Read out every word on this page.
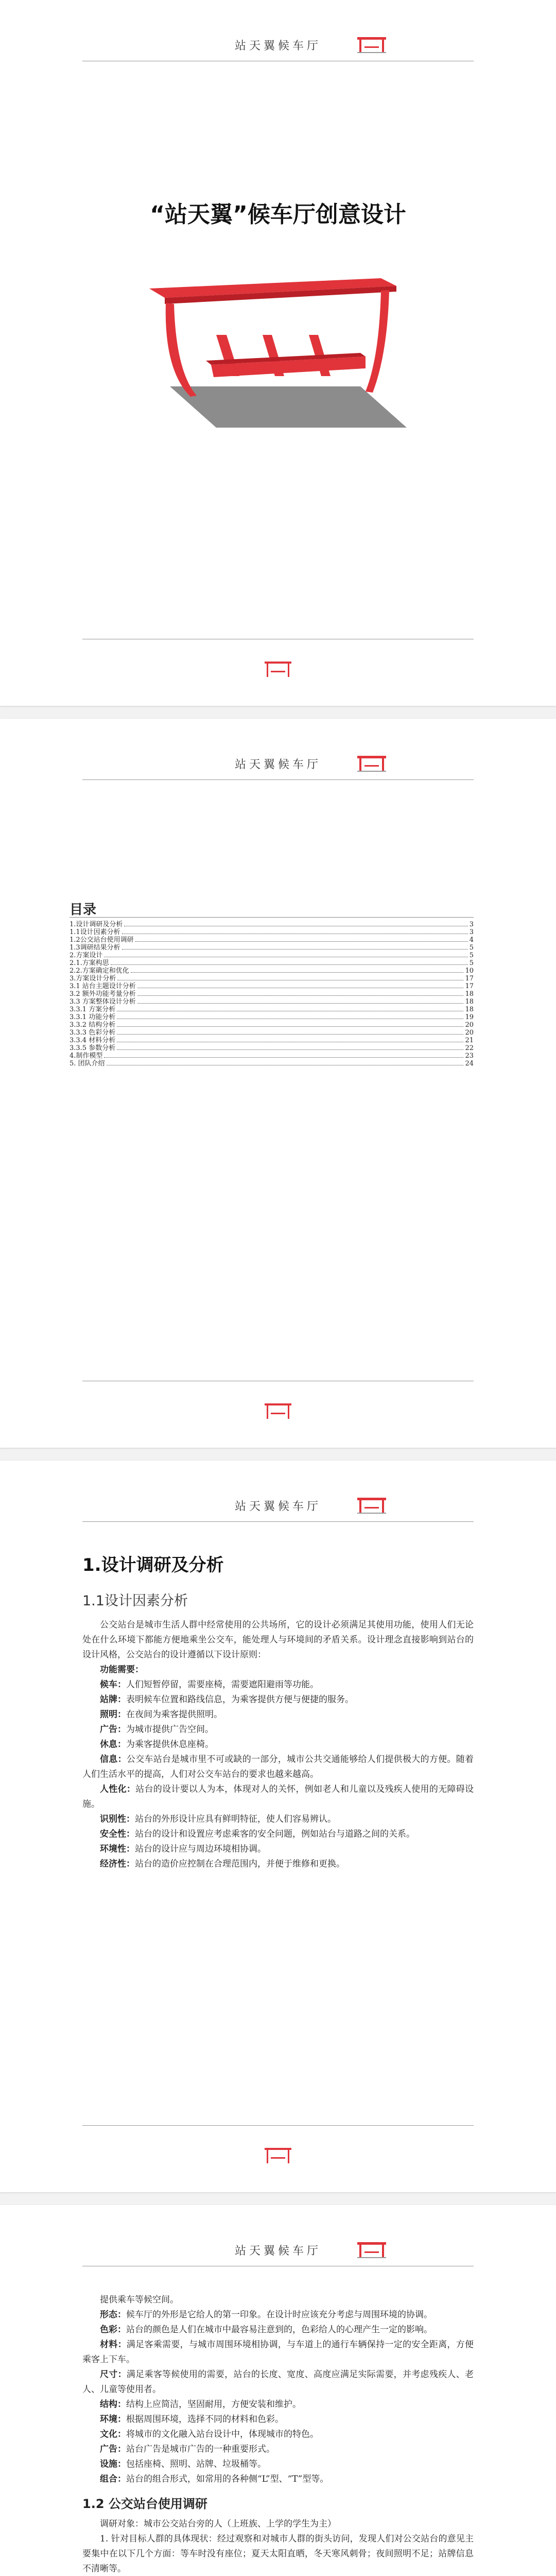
站天翼候车厅
“站天翼”候车厅创意设计
站天翼候车厅
目录
1.设计调研及分析	3
1.1设计因素分析	3
1.2公交站台使用调研	4
1.3调研结果分析	5
2.方案设计	5
2.1.方案构思	5
2.2.方案确定和优化	10
3.方案设计分析	17
3.1 站台主题设计分析	17
3.2 额外功能考量分析	18
3.3 方案整体设计分析	18
3.3.1 方案分析	18
3.3.1 功能分析	19
3.3.2 结构分析	20
3.3.3 色彩分析	20
3.3.4 材料分析	21
3.3.5 参数分析	22
4.制作模型	23
5. 团队介绍	24
站天翼候车厅
1.设计调研及分析
1.1设计因素分析

公交站台是城市生活人群中经常使用的公共场所，它的设计必须满足其使用功能，使用人们无论处在什么环境下都能方便地乘坐公交车，能处理人与环境间的矛盾关系。设计理念直接影响到站台的设计风格，公交站台的设计遵循以下设计原则：

功能需要：

候车：人们短暂停留，需要座椅，需要遮阳避雨等功能。

站牌：表明候车位置和路线信息，为乘客提供方便与便捷的服务。

照明：在夜间为乘客提供照明。

广告：为城市提供广告空间。

休息：为乘客提供休息座椅。

信息：公交车站台是城市里不可或缺的一部分，城市公共交通能够给人们提供极大的方便。随着人们生活水平的提高，人们对公交车站台的要求也越来越高。

人性化：站台的设计要以人为本，体现对人的关怀，例如老人和儿童以及残疾人使用的无障碍设施。

识别性：站台的外形设计应具有鲜明特征，使人们容易辨认。

安全性：站台的设计和设置应考虑乘客的安全问题，例如站台与道路之间的关系。

环境性：站台的设计应与周边环境相协调。

经济性：站台的造价应控制在合理范围内，并便于维修和更换。

站天翼候车厅

提供乘车等候空间。

形态：候车厅的外形是它给人的第一印象。在设计时应该充分考虑与周围环境的协调。

色彩：站台的颜色是人们在城市中最容易注意到的，色彩给人的心理产生一定的影响。

材料：满足客乘需要，与城市周围环境相协调，与车道上的通行车辆保持一定的安全距离，方便乘客上下车。

尺寸：满足乘客等候使用的需要，站台的长度、宽度、高度应满足实际需要，并考虑残疾人、老人、儿童等使用者。

结构：结构上应简洁，坚固耐用，方便安装和维护。

环境：根据周围环境，选择不同的材料和色彩。

文化：将城市的文化融入站台设计中，体现城市的特色。

广告：站台广告是城市广告的一种重要形式。

设施：包括座椅、照明、站牌、垃圾桶等。

组合：站台的组合形式，如常用的各种侧“L”型、“T”型等。

1.2 公交站台使用调研

调研对象：城市公交站台旁的人（上班族、上学的学生为主）

1. 针对目标人群的具体现状：经过观察和对城市人群的街头访问，发现人们对公交站台的意见主要集中在以下几个方面：等车时没有座位；夏天太阳直晒，冬天寒风刺骨；夜间照明不足；站牌信息不清晰等。
